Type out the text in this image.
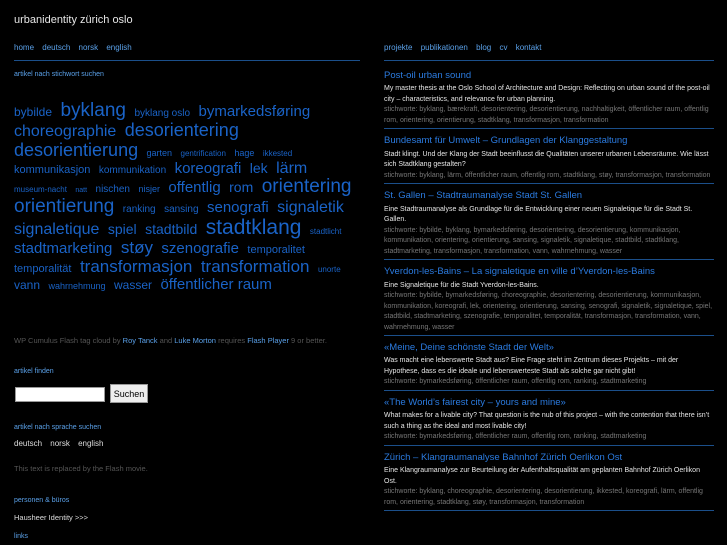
urbanidentity zürich oslo
home deutsch norsk english	projekte publikationen blog cv kontakt
artikel nach stichwort suchen
bybilde byklang byklang oslo bymarkedsføring choreographie desorientering desorientierung garten gentrification hage ikkested kommunikasjon kommunikation koreografi lek lärm museum-nacht natt nischen nisjer offentlig rom orientering orientierung ranking sansing senografi signaletik signaletique spiel stadtbild stadtklang stadtlicht stadtmarketing støy szenografie temporalitet temporalität transformasjon transformation unorte vann wahrnehmung wasser öffentlicher raum
WP Cumulus Flash tag cloud by Roy Tanck and Luke Morton requires Flash Player 9 or better.
artikel finden
Suchen
artikel nach sprache suchen
deutsch norsk english
This text is replaced by the Flash movie.
personen & büros
Hausheer Identity >>>
links
Post-oil urban sound
My master thesis at the Oslo School of Architecture and Design: Reflecting on urban sound of the post-oil city – characteristics, and relevance for urban planning.
stichworte: byklang, bærekraft, desorientering, desorientierung, nachhaltigkeit, öffentlicher raum, offentlig rom, orientering, orientierung, stadtklang, transformasjon, transformation
Bundesamt für Umwelt – Grundlagen der Klanggestaltung
Stadt klingt. Und der Klang der Stadt beeinflusst die Qualitäten unserer urbanen Lebensräume. Wie lässt sich Stadtklang gestalten?
stichworte: byklang, lärm, öffentlicher raum, offentlig rom, stadtklang, støy, transformasjon, transformation
St. Gallen – Stadtraumanalyse Stadt St. Gallen
Eine Stadtraumanalyse als Grundlage für die Entwicklung einer neuen Signaletique für die Stadt St. Gallen.
stichworte: bybilde, byklang, bymarkedsføring, desorientering, desorientierung, kommunikasjon, kommunikation, orientering, orientierung, sansing, signaletik, signaletique, stadtbild, stadtklang, stadtmarketing, transformasjon, transformation, vann, wahrnehmung, wasser
Yverdon-les-Bains – La signaletique en ville d’Yverdon-les-Bains
Eine Signaletique für die Stadt Yverdon-les-Bains.
stichworte: bybilde, bymarkedsføring, choreographie, desorientering, desorientierung, kommunikasjon, kommunikation, koreografi, lek, orientering, orientierung, sansing, senografi, signaletik, signaletique, spiel, stadtbild, stadtmarketing, szenografie, temporalitet, temporalität, transformasjon, transformation, vann, wahrnehmung, wasser
«Meine, Deine schönste Stadt der Welt»
Was macht eine lebenswerte Stadt aus? Eine Frage steht im Zentrum dieses Projekts – mit der Hypothese, dass es die ideale und lebenswerteste Stadt als solche gar nicht gibt!
stichworte: bymarkedsføring, öffentlicher raum, offentlig rom, ranking, stadtmarketing
«The World’s fairest city – yours and mine»
What makes for a livable city? That question is the nub of this project – with the contention that there isn’t such a thing as the ideal and most livable city!
stichworte: bymarkedsføring, öffentlicher raum, offentlig rom, ranking, stadtmarketing
Zürich – Klangraumanalyse Bahnhof Zürich Oerlikon Ost
Eine Klangraumanalyse zur Beurteilung der Aufenthaltsqualität am geplanten Bahnhof Zürich Oerlikon Ost.
stichworte: byklang, choreographie, desorientering, desorientierung, ikkested, koreografi, lärm, offentlig rom, orientering, stadtklang, støy, transformasjon, transformation
